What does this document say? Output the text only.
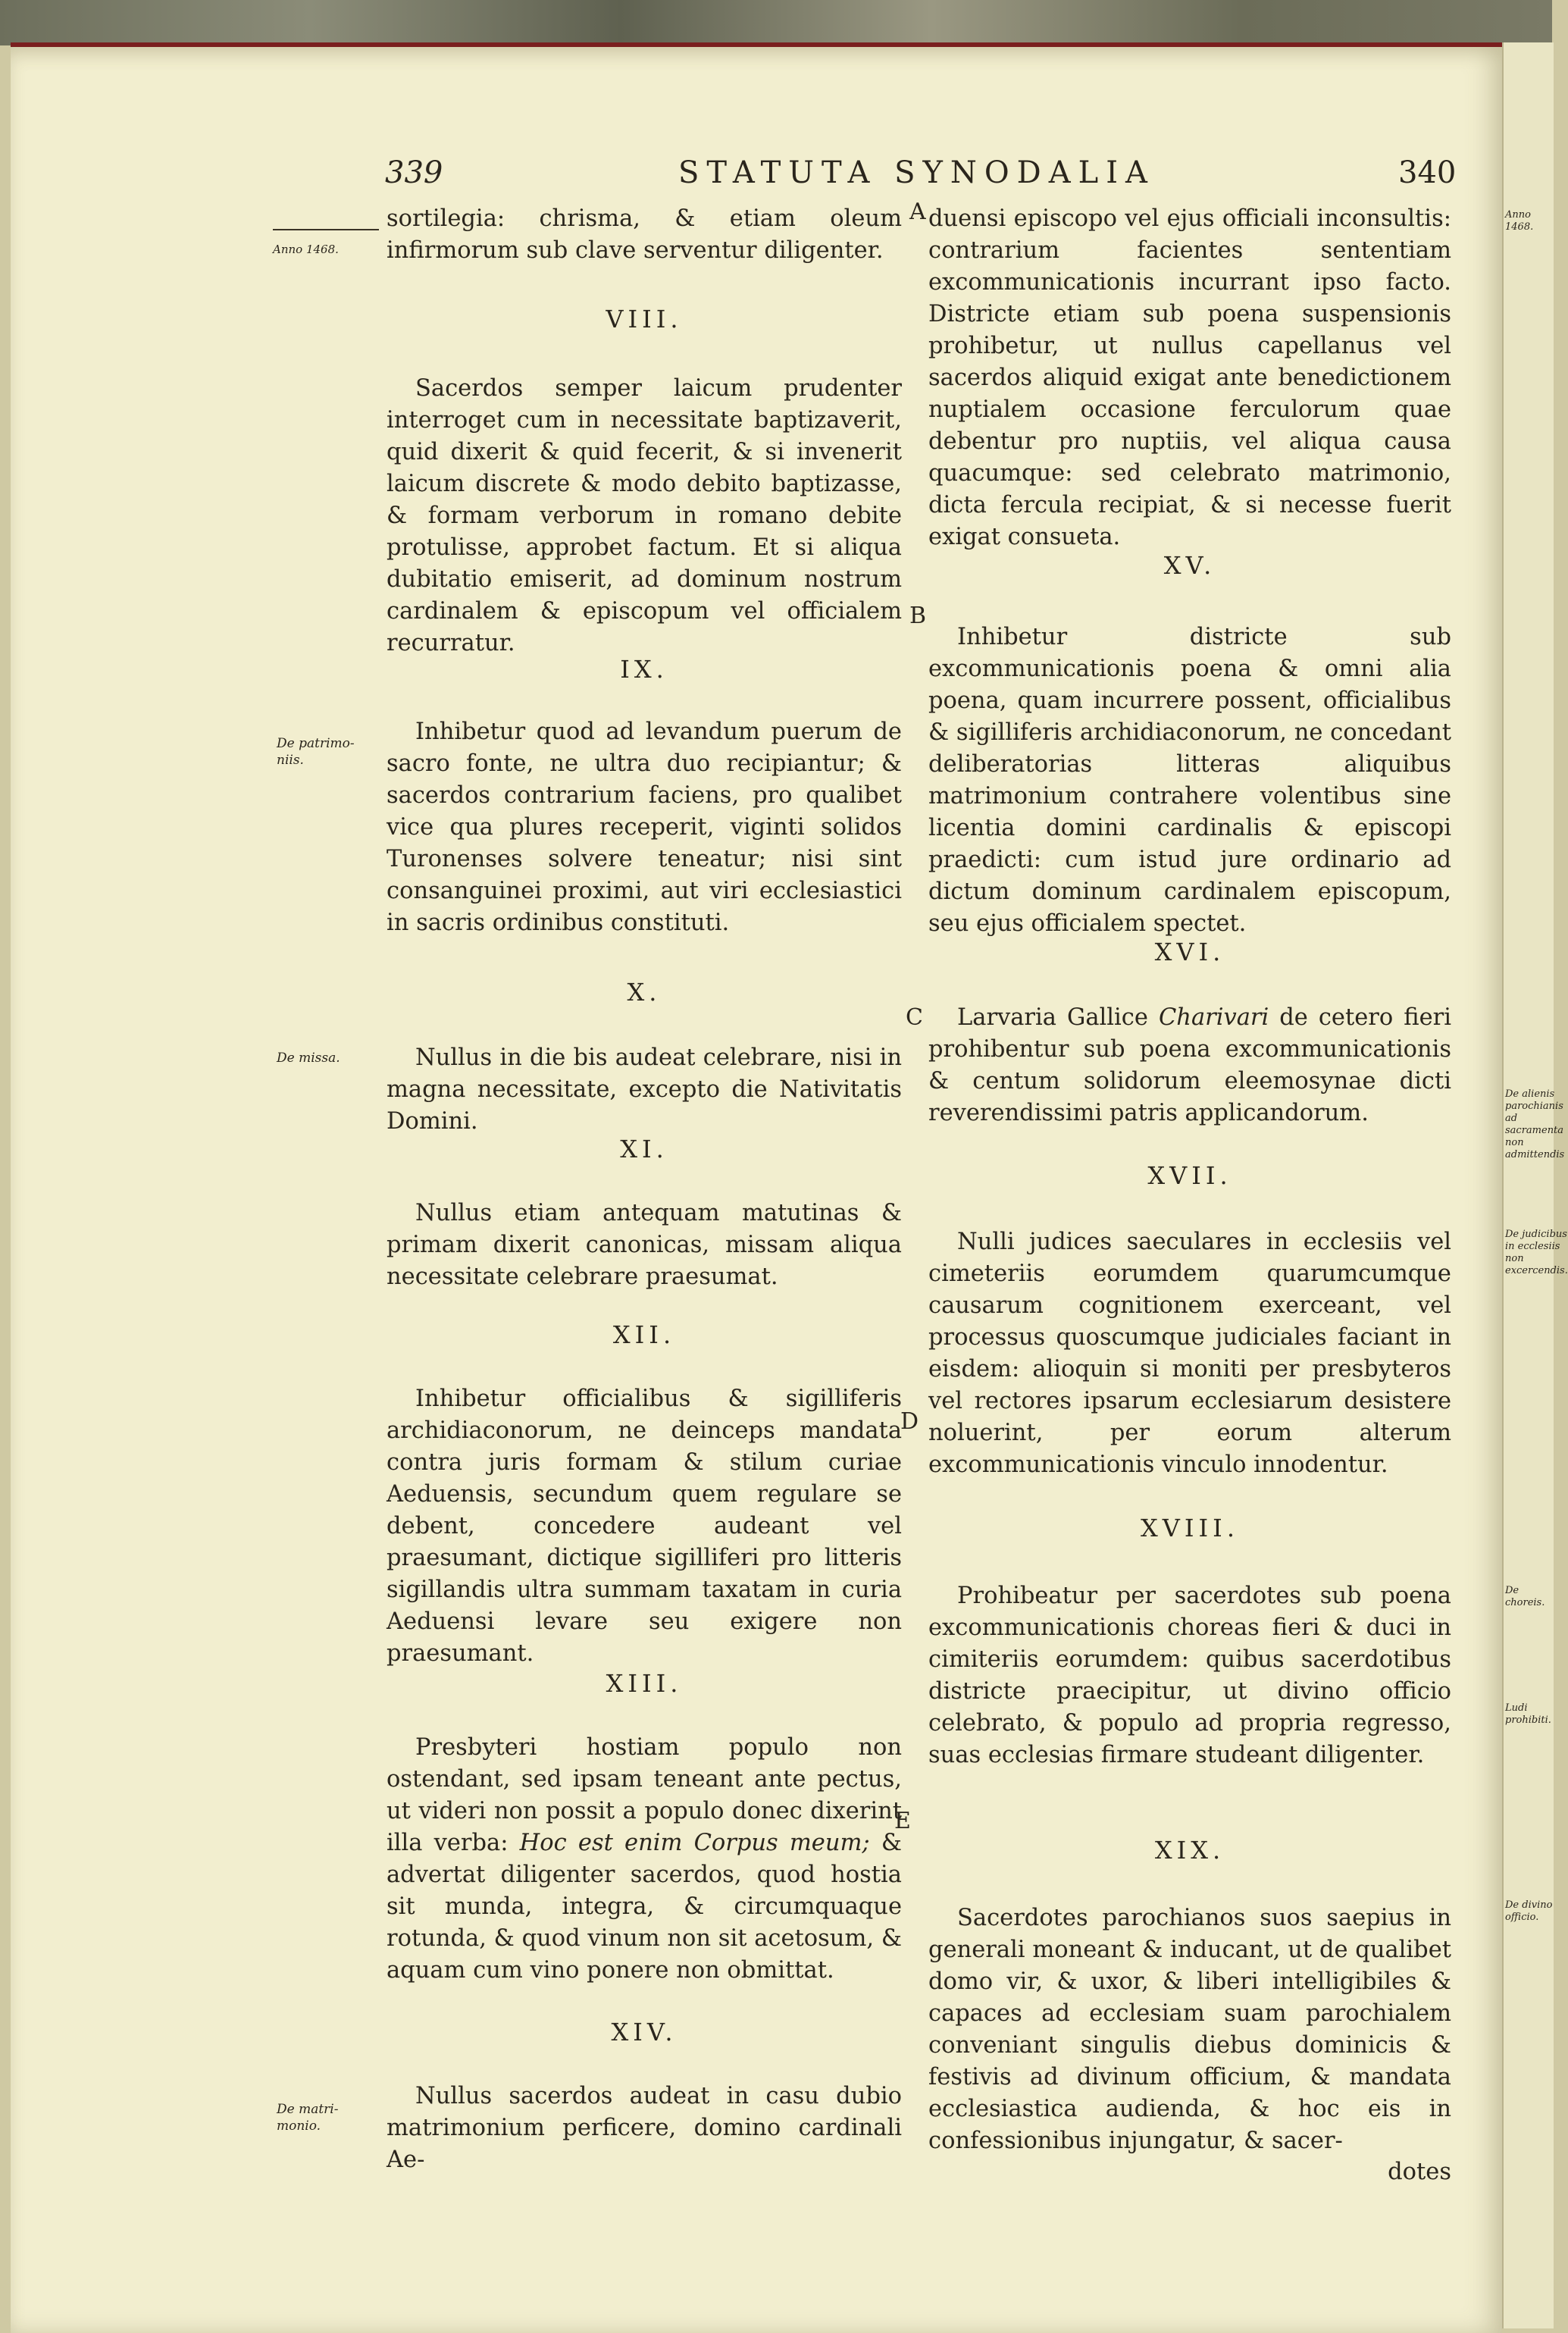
339	STATUTA SYNODALIA	340
Anno 1468.
De patrimo-
niis.
De missa.
De matri-
monio.
A
B
C
D
E

sortilegia: chrisma, & etiam oleum infirmorum sub clave serventur diligenter.

VIII.

Sacerdos semper laicum prudenter interroget cum in necessitate baptizaverit, quid dixerit & quid fecerit, & si invenerit laicum discrete & modo debito baptizasse, & formam verborum in romano debite protulisse, approbet factum. Et si aliqua dubitatio emiserit, ad dominum nostrum cardinalem & episcopum vel officialem recurratur.

IX.

Inhibetur quod ad levandum puerum de sacro fonte, ne ultra duo recipiantur; & sacerdos contrarium faciens, pro qualibet vice qua plures receperit, viginti solidos Turonenses solvere teneatur; nisi sint consanguinei proximi, aut viri ecclesiastici in sacris ordinibus constituti.

X.

Nullus in die bis audeat celebrare, nisi in magna necessitate, excepto die Nativitatis Domini.

XI.

Nullus etiam antequam matutinas & primam dixerit canonicas, missam aliqua necessitate celebrare praesumat.

XII.

Inhibetur officialibus & sigilliferis archidiaconorum, ne deinceps mandata contra juris formam & stilum curiae Aeduensis, secundum quem regulare se debent, concedere audeant vel praesumant, dictique sigilliferi pro litteris sigillandis ultra summam taxatam in curia Aeduensi levare seu exigere non praesumant.

XIII.

Presbyteri hostiam populo non ostendant, sed ipsam teneant ante pectus, ut videri non possit a populo donec dixerint illa verba: Hoc est enim Corpus meum; & advertat diligenter sacerdos, quod hostia sit munda, integra, & circumquaque rotunda, & quod vinum non sit acetosum, & aquam cum vino ponere non obmittat.

XIV.

Nullus sacerdos audeat in casu dubio matrimonium perficere, domino cardinali Ae-

duensi episcopo vel ejus officiali inconsultis: contrarium facientes sententiam excommunicationis incurrant ipso facto. Districte etiam sub poena suspensionis prohibetur, ut nullus capellanus vel sacerdos aliquid exigat ante benedictionem nuptialem occasione ferculorum quae debentur pro nuptiis, vel aliqua causa quacumque: sed celebrato matrimonio, dicta fercula recipiat, & si necesse fuerit exigat consueta.

XV.

Inhibetur districte sub excommunicationis poena & omni alia poena, quam incurrere possent, officialibus & sigilliferis archidiaconorum, ne concedant deliberatorias litteras aliquibus matrimonium contrahere volentibus sine licentia domini cardinalis & episcopi praedicti: cum istud jure ordinario ad dictum dominum cardinalem episcopum, seu ejus officialem spectet.

XVI.

Larvaria Gallice Charivari de cetero fieri prohibentur sub poena excommunicationis & centum solidorum eleemosynae dicti reverendissimi patris applicandorum.

XVII.

Nulli judices saeculares in ecclesiis vel cimeteriis eorumdem quarumcumque causarum cognitionem exerceant, vel processus quoscumque judiciales faciant in eisdem: alioquin si moniti per presbyteros vel rectores ipsarum ecclesiarum desistere noluerint, per eorum alterum excommunicationis vinculo innodentur.

XVIII.

Prohibeatur per sacerdotes sub poena excommunicationis choreas fieri & duci in cimiteriis eorumdem: quibus sacerdotibus districte praecipitur, ut divino officio celebrato, & populo ad propria regresso, suas ecclesias firmare studeant diligenter.

XIX.

Sacerdotes parochianos suos saepius in generali moneant & inducant, ut de qualibet domo vir, & uxor, & liberi intelligibiles & capaces ad ecclesiam suam parochialem conveniant singulis diebus dominicis & festivis ad divinum officium, & mandata ecclesiastica audienda, & hoc eis in confessionibus injungatur, & sacer-

dotes
Anno 1468.
De alienis parochianis ad sacramenta non admittendis
De judicibus in ecclesiis non excercendis.
De choreis.
Ludi prohibiti.
De divino officio.
